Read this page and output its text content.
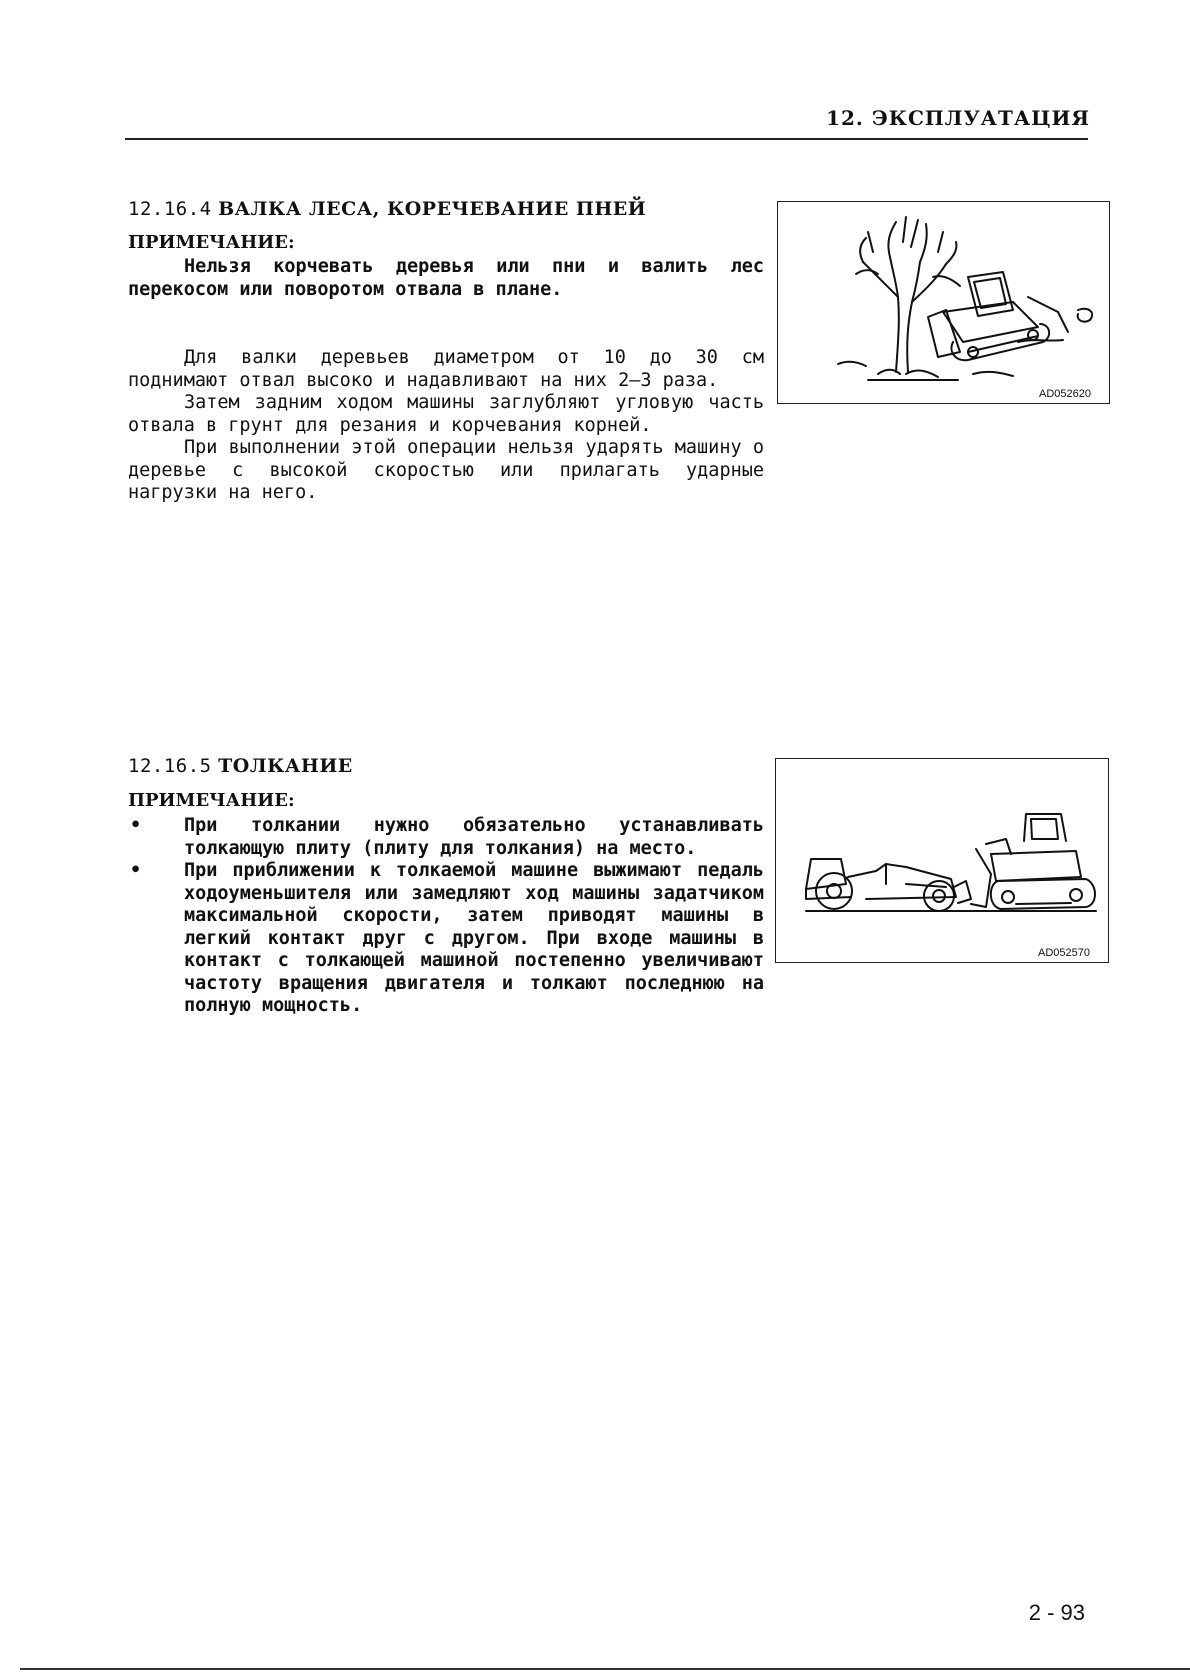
12. ЭКСПЛУАТАЦИЯ
12.16.4 ВАЛКА ЛЕСА, КОРЕЧЕВАНИЕ ПНЕЙ
ПРИМЕЧАНИЕ:

Нельзя корчевать деревья или пни и валить лес перекосом или поворотом отвала в плане.

Для валки деревьев диаметром от 10 до 30 см поднимают отвал высоко и надавливают на них 2—3 раза.

Затем задним ходом машины заглубляют угловую часть отвала в грунт для резания и корчевания корней.

При выполнении этой операции нельзя ударять машину о деревье с высокой скоростью или прилагать ударные нагрузки на него.

AD052620
12.16.5 ТОЛКАНИЕ
ПРИМЕЧАНИЕ:
• При толкании нужно обязательно устанавливать толкающую плиту (плиту для толкания) на место.
• При приближении к толкаемой машине выжимают педаль ходоуменьшителя или замедляют ход машины задатчиком максимальной скорости, затем приводят машины в легкий контакт друг с другом. При входе машины в контакт с толкающей машиной постепенно увеличивают частоту вращения двигателя и толкают последнюю на полную мощность.
AD052570
2 - 93
